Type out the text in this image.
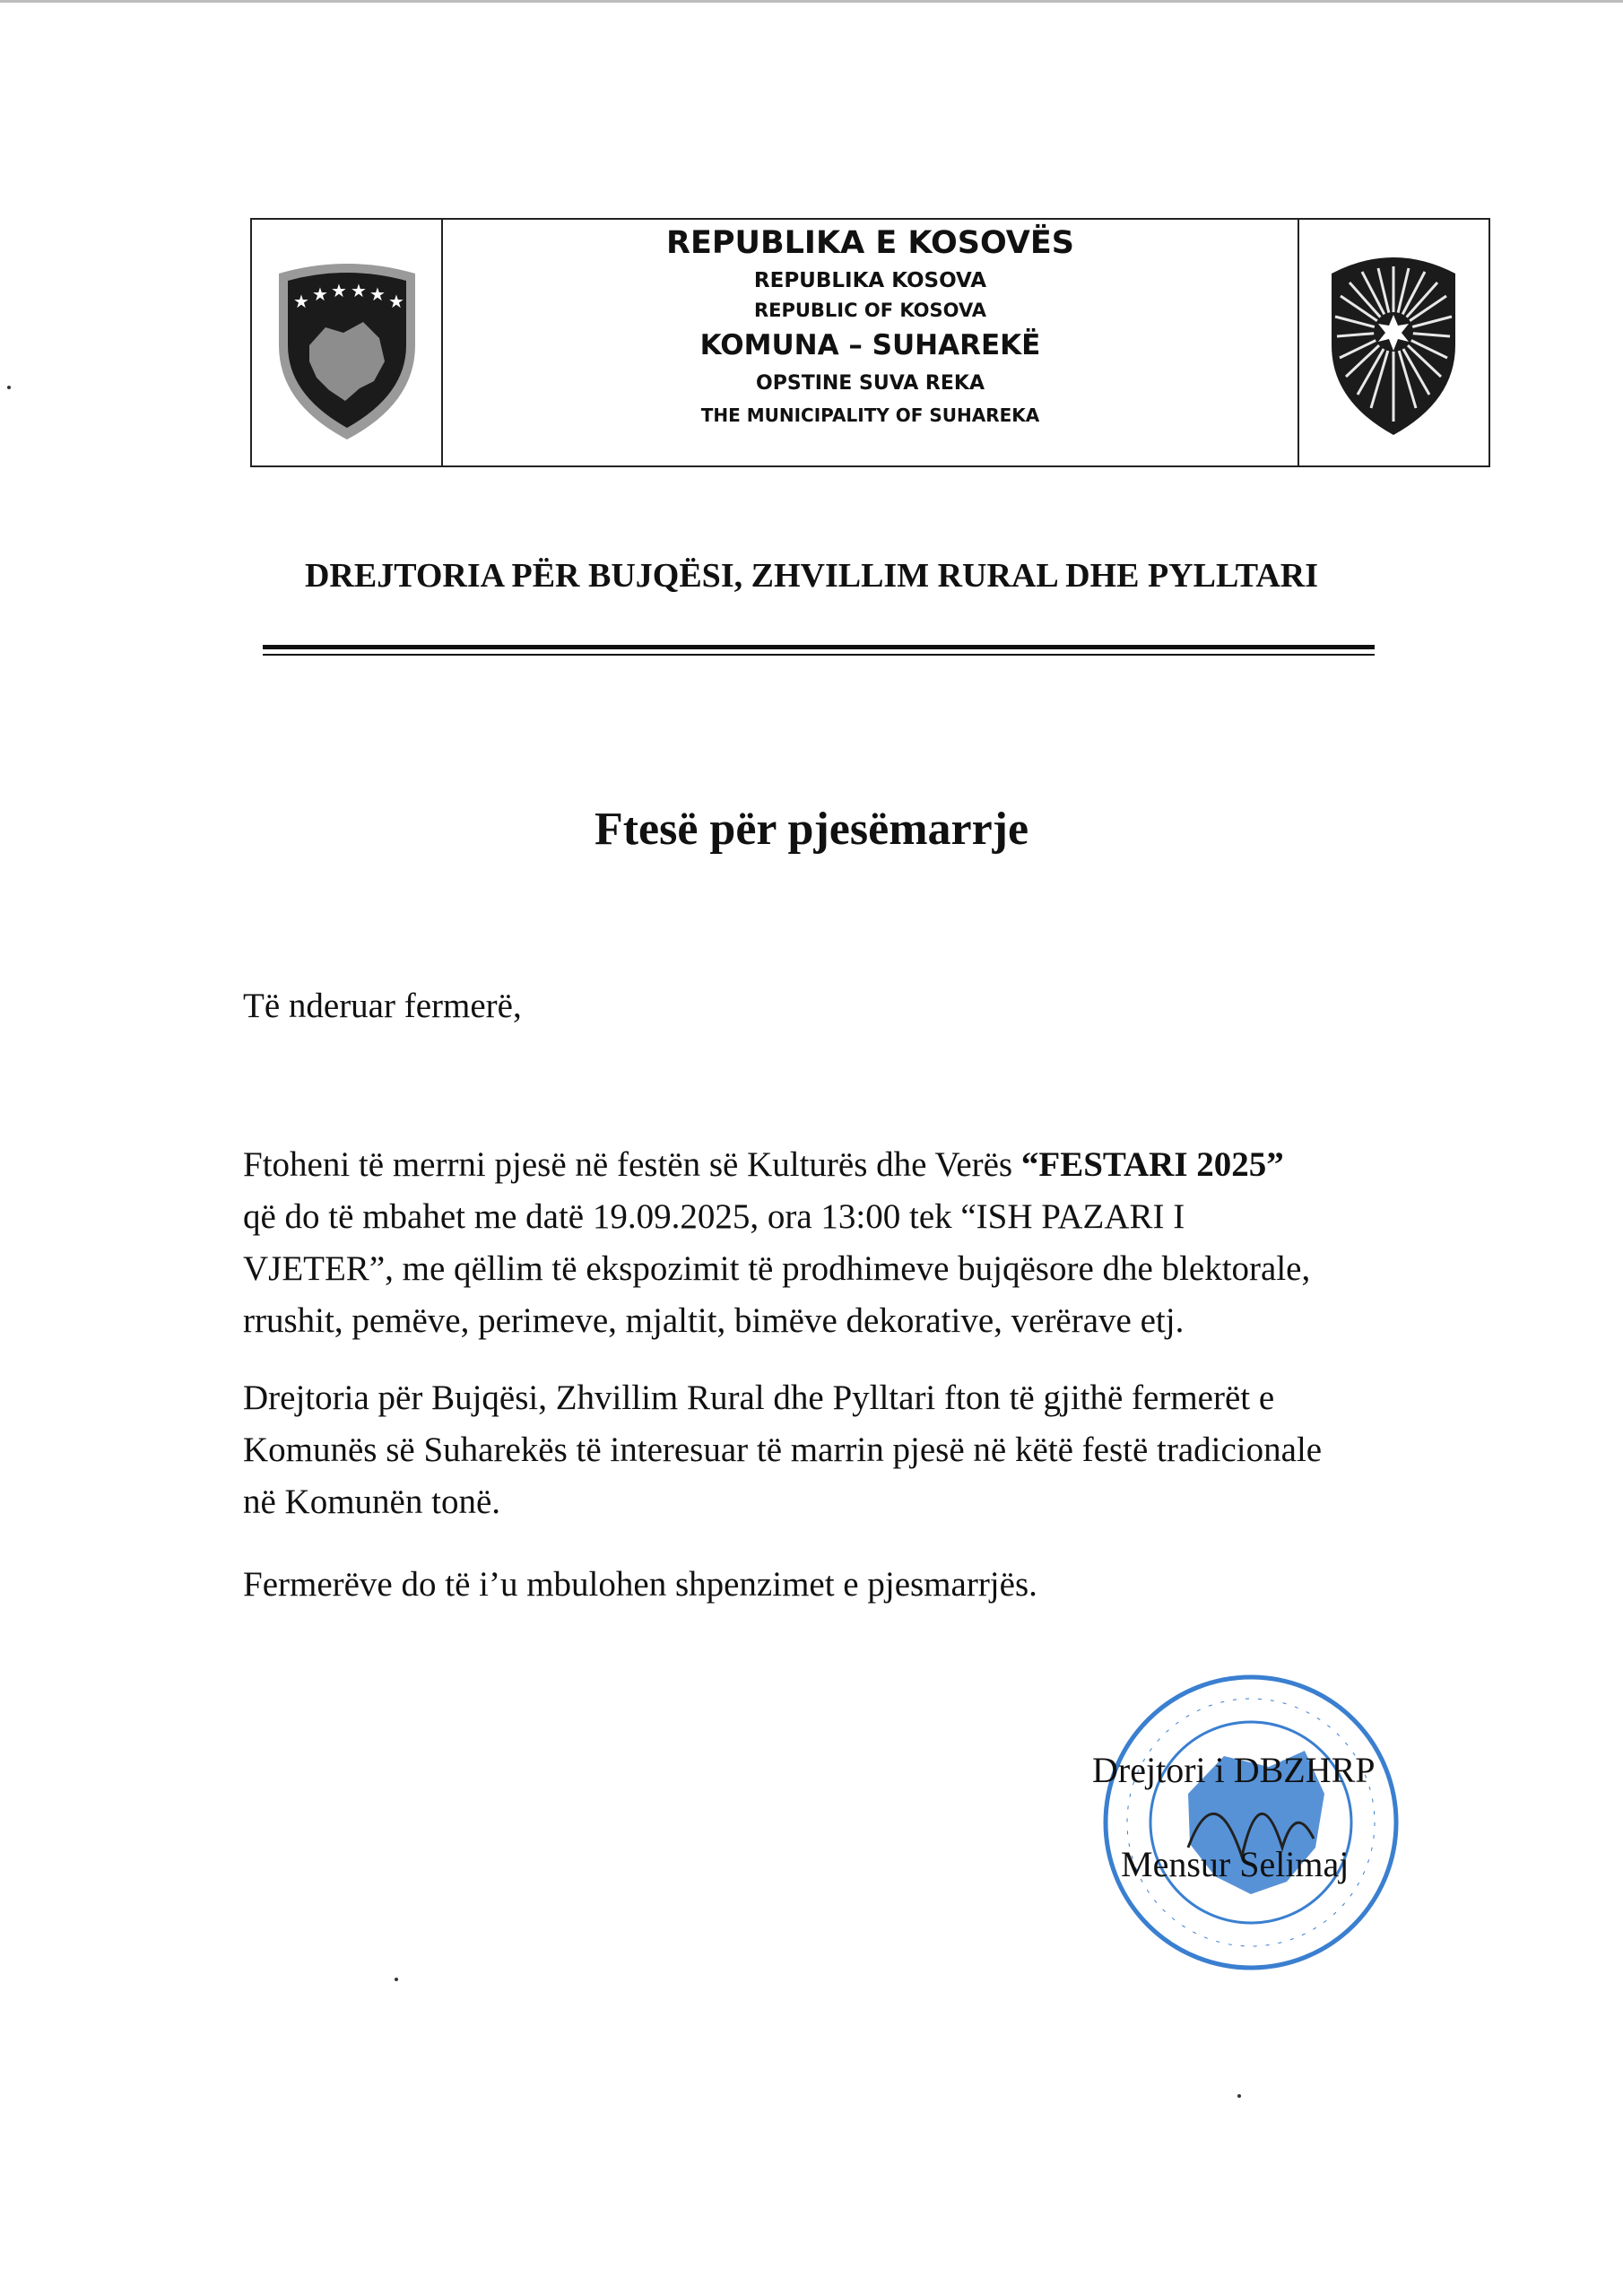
★ ★ ★ ★ ★ ★
REPUBLIKA E KOSOVËS
REPUBLIKA KOSOVA
REPUBLIC OF KOSOVA
KOMUNA – SUHAREKË
OPSTINE SUVA REKA
THE MUNICIPALITY OF SUHAREKA
DREJTORIA PËR BUJQËSI, ZHVILLIM RURAL DHE PYLLTARI
Ftesë për pjesëmarrje
Të nderuar fermerë,
Ftoheni të merrni pjesë në festën së Kulturës dhe Verës “FESTARI 2025”
që do të mbahet me datë 19.09.2025, ora 13:00 tek “ISH PAZARI I
VJETER”, me qëllim të ekspozimit të prodhimeve bujqësore dhe blektorale,
rrushit, pemëve, perimeve, mjaltit, bimëve dekorative, verërave etj.
Drejtoria për Bujqësi, Zhvillim Rural dhe Pylltari fton të gjithë fermerët e
Komunës së Suharekës të interesuar të marrin pjesë në këtë festë tradicionale
në Komunën tonë.
Fermerëve do të i’u mbulohen shpenzimet e pjesmarrjës.
Drejtori i DBZHRP
Mensur Selimaj
